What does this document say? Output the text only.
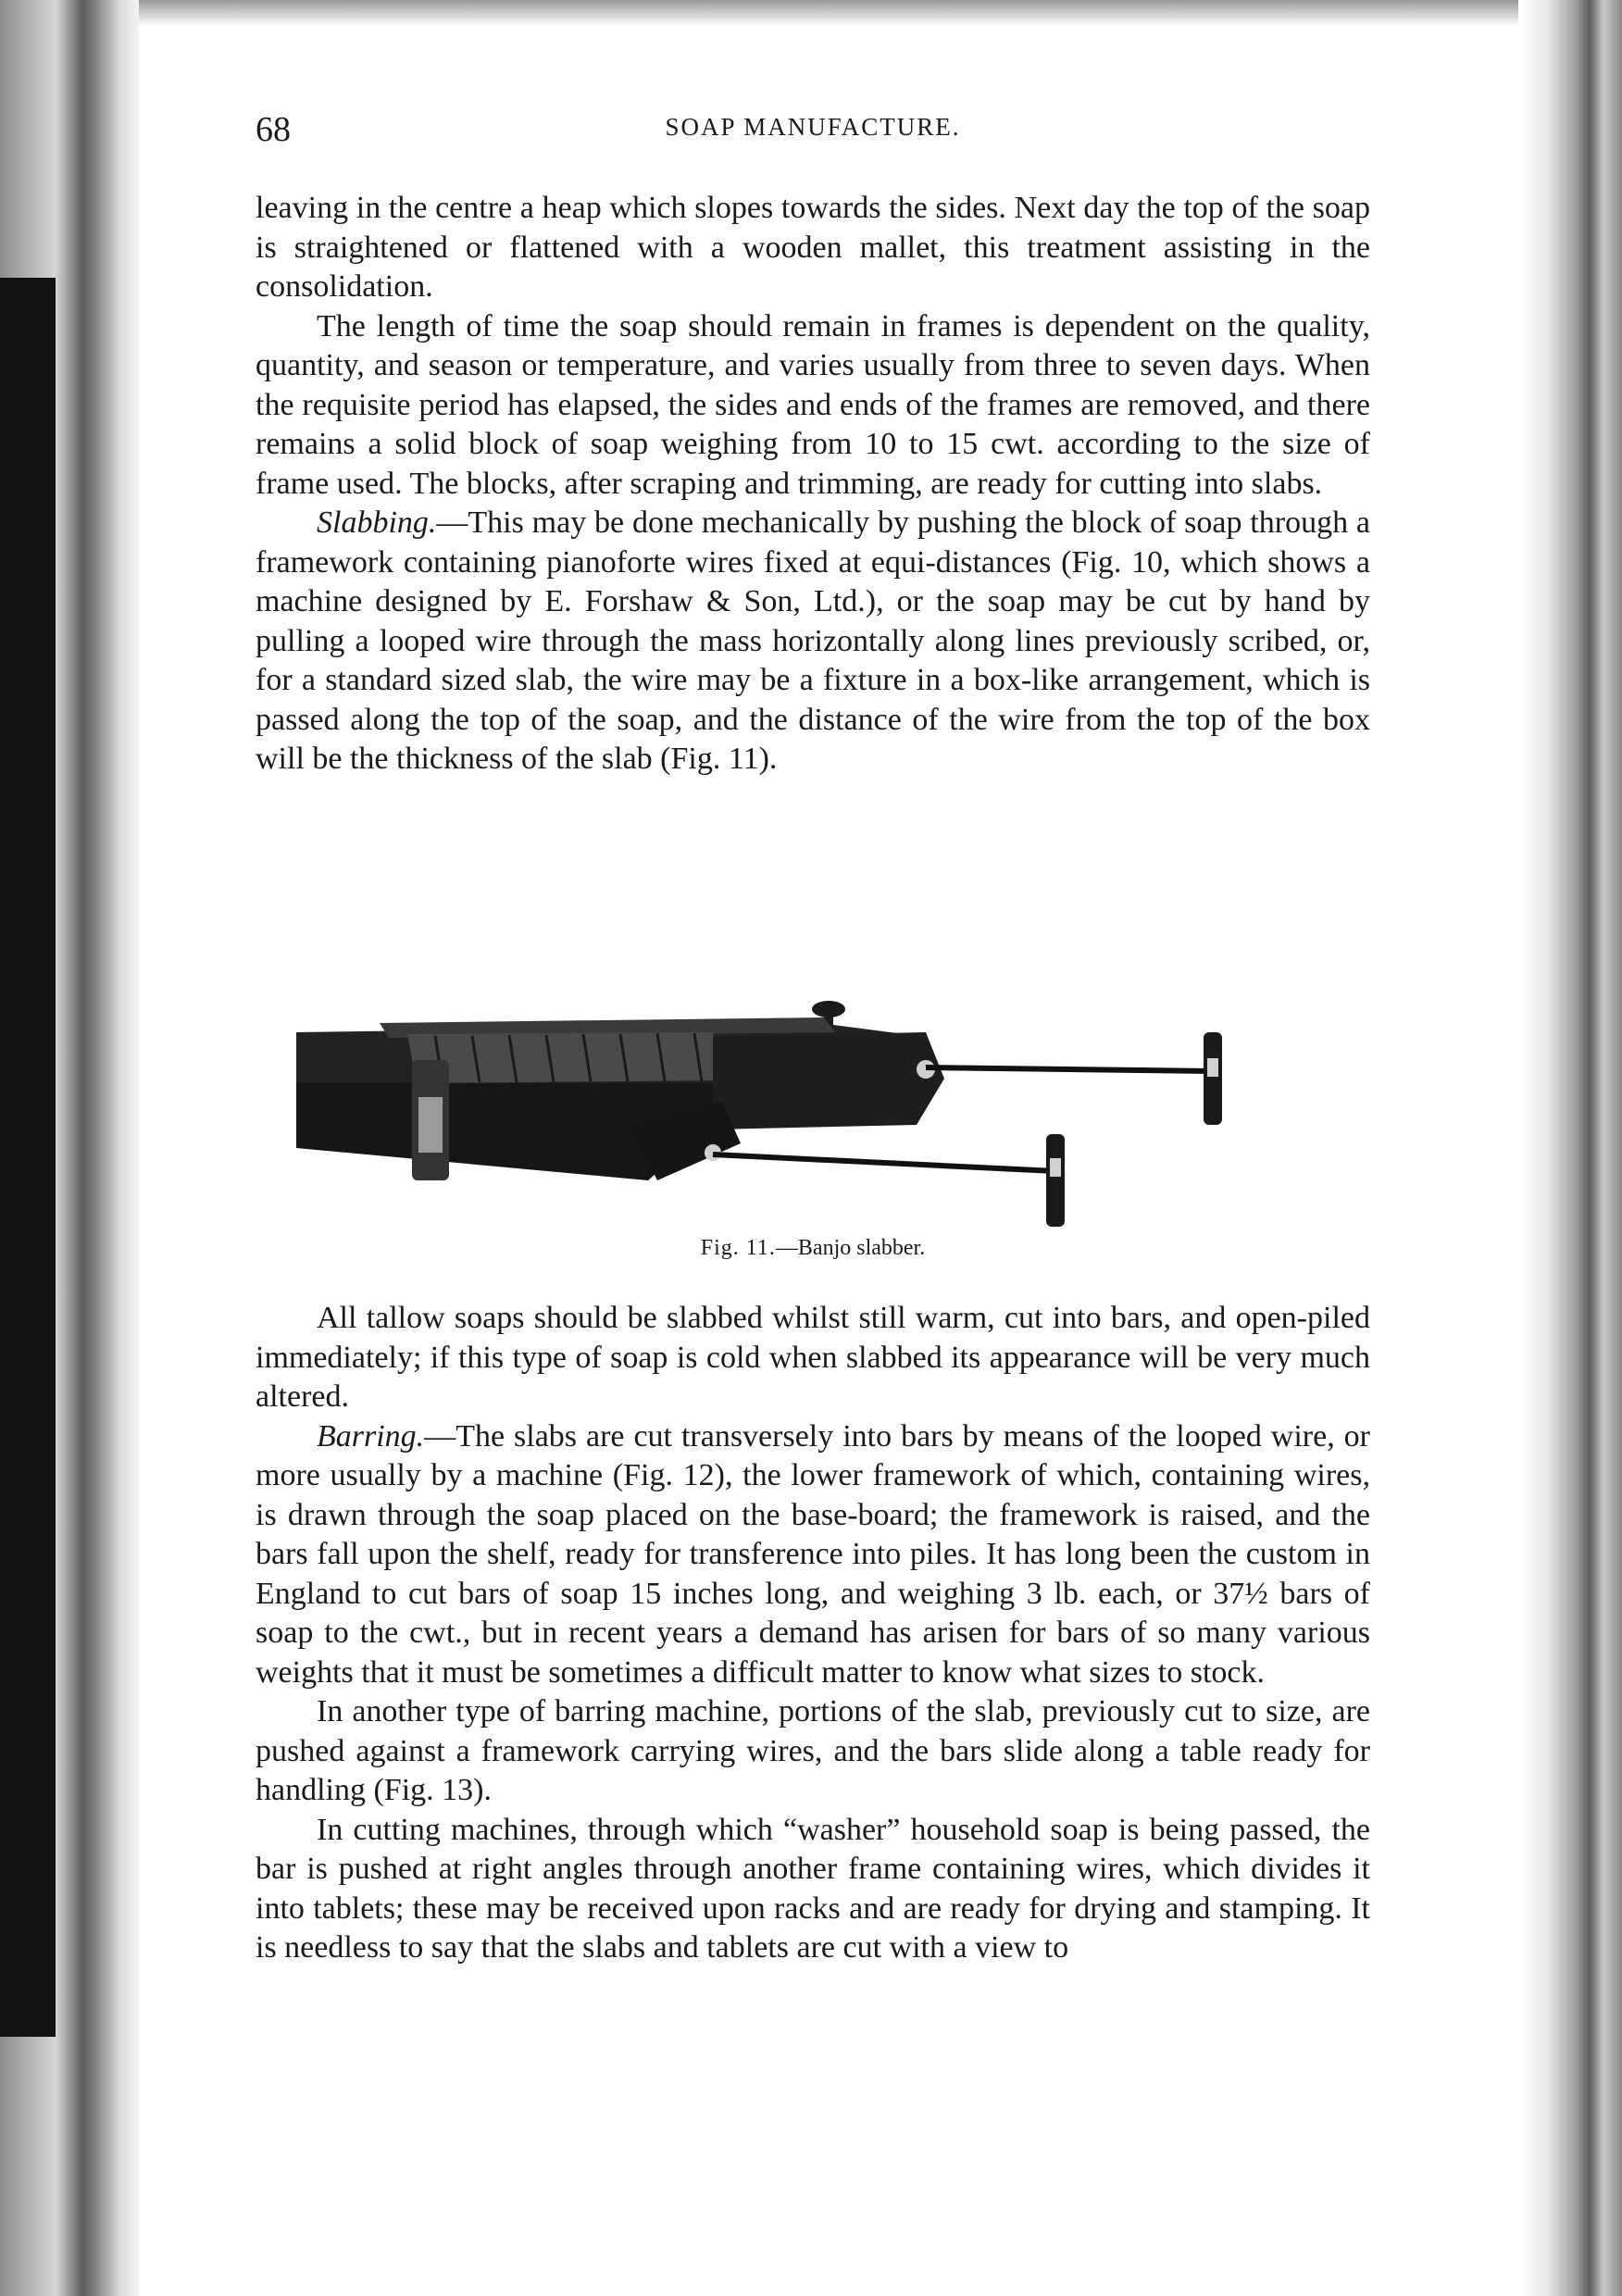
68	SOAP MANUFACTURE.

leaving in the centre a heap which slopes towards the sides. Next day the top of the soap is straightened or flattened with a wooden mallet, this treatment assisting in the consolidation.

The length of time the soap should remain in frames is dependent on the quality, quantity, and season or temperature, and varies usually from three to seven days. When the requisite period has elapsed, the sides and ends of the frames are removed, and there remains a solid block of soap weighing from 10 to 15 cwt. according to the size of frame used. The blocks, after scraping and trimming, are ready for cutting into slabs.

Slabbing.—This may be done mechanically by pushing the block of soap through a framework containing pianoforte wires fixed at equi-distances (Fig. 10, which shows a machine designed by E. Forshaw & Son, Ltd.), or the soap may be cut by hand by pulling a looped wire through the mass horizontally along lines previously scribed, or, for a standard sized slab, the wire may be a fixture in a box-like arrangement, which is passed along the top of the soap, and the distance of the wire from the top of the box will be the thickness of the slab (Fig. 11).

Fig. 11.—Banjo slabber.

All tallow soaps should be slabbed whilst still warm, cut into bars, and open-piled immediately; if this type of soap is cold when slabbed its appearance will be very much altered.

Barring.—The slabs are cut transversely into bars by means of the looped wire, or more usually by a machine (Fig. 12), the lower framework of which, containing wires, is drawn through the soap placed on the base-board; the framework is raised, and the bars fall upon the shelf, ready for transference into piles. It has long been the custom in England to cut bars of soap 15 inches long, and weighing 3 lb. each, or 37½ bars of soap to the cwt., but in recent years a demand has arisen for bars of so many various weights that it must be sometimes a difficult matter to know what sizes to stock.

In another type of barring machine, portions of the slab, previously cut to size, are pushed against a framework carrying wires, and the bars slide along a table ready for handling (Fig. 13).

In cutting machines, through which “washer” household soap is being passed, the bar is pushed at right angles through another frame containing wires, which divides it into tablets; these may be received upon racks and are ready for drying and stamping. It is needless to say that the slabs and tablets are cut with a view to
